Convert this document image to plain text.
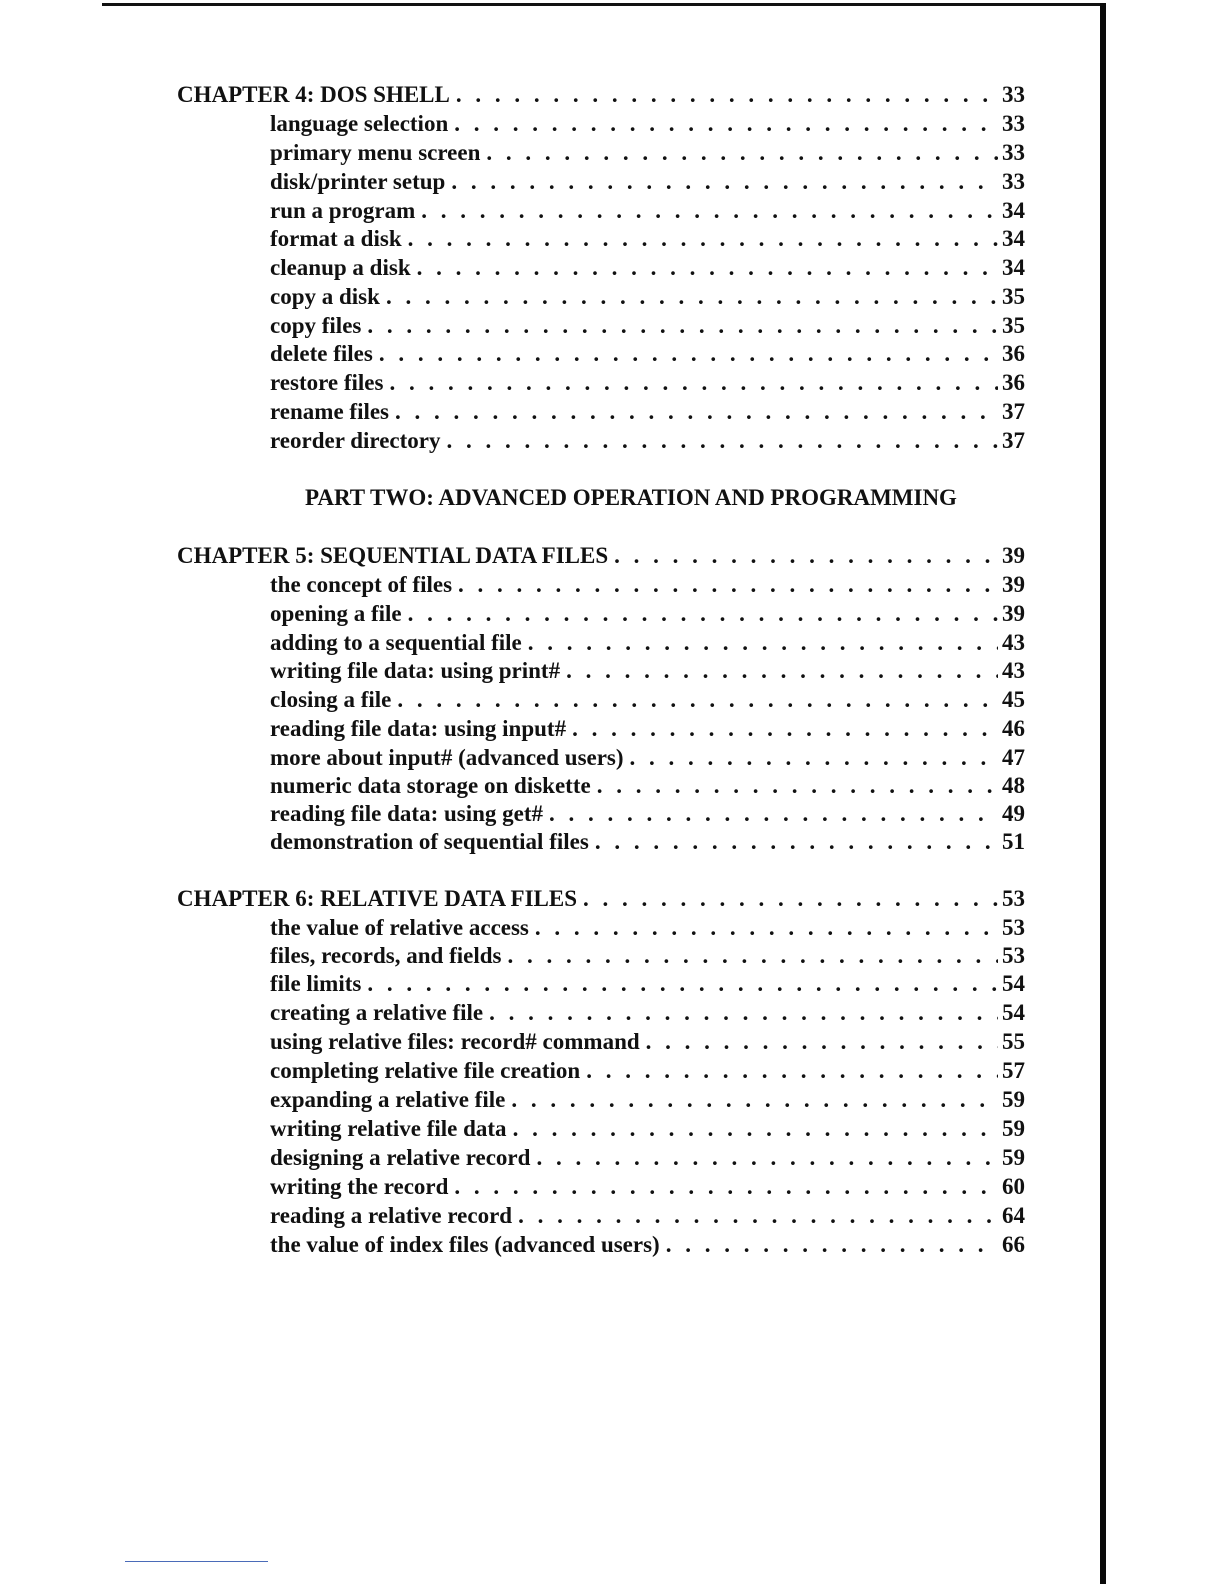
CHAPTER 4: DOS SHELL . . .	33
language selection . . .	33
primary menu screen . . .	33
disk/printer setup . . .	33
run a program . . .	34
format a disk . . .	34
cleanup a disk . . .	34
copy a disk . . .	35
copy files . . .	35
delete files . . .	36
restore files . . .	36
rename files . . .	37
reorder directory . . .	37
PART TWO: ADVANCED OPERATION AND PROGRAMMING
CHAPTER 5: SEQUENTIAL DATA FILES . . .	39
the concept of files . . .	39
opening a file . . .	39
adding to a sequential file . . .	43
writing file data: using print# . . .	43
closing a file . . .	45
reading file data: using input# . . .	46
more about input# (advanced users) . . .	47
numeric data storage on diskette . . .	48
reading file data: using get# . . .	49
demonstration of sequential files . . .	51
CHAPTER 6: RELATIVE DATA FILES . . .	53
the value of relative access . . .	53
files, records, and fields . . .	53
file limits . . .	54
creating a relative file . . .	54
using relative files: record# command . . .	55
completing relative file creation . . .	57
expanding a relative file . . .	59
writing relative file data . . .	59
designing a relative record . . .	59
writing the record . . .	60
reading a relative record . . .	64
the value of index files (advanced users) . . .	66
